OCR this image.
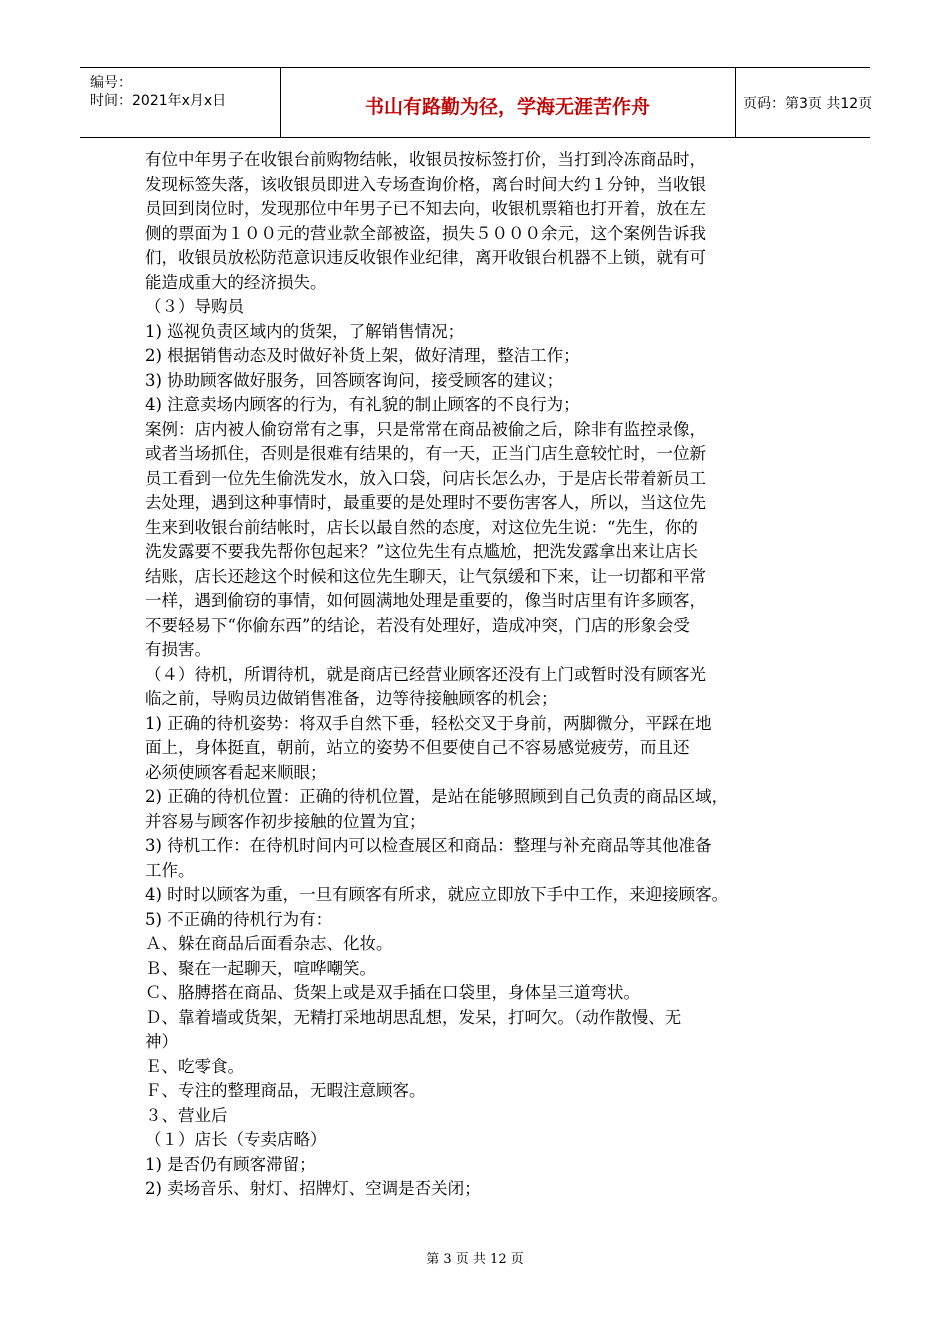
编号：
时间：2021年x月x日	书山有路勤为径，学海无涯苦作舟	页码：第3页 共12页
有位中年男子在收银台前购物结帐，收银员按标签打价，当打到冷冻商品时，
发现标签失落，该收银员即进入专场查询价格，离台时间大约１分钟，当收银
员回到岗位时，发现那位中年男子已不知去向，收银机票箱也打开着，放在左
侧的票面为１００元的营业款全部被盗，损失５０００余元，这个案例告诉我
们，收银员放松防范意识违反收银作业纪律，离开收银台机器不上锁，就有可
能造成重大的经济损失。
（３）导购员
1) 巡视负责区域内的货架，了解销售情况；
2) 根据销售动态及时做好补货上架，做好清理，整洁工作；
3) 协助顾客做好服务，回答顾客询问，接受顾客的建议；
4) 注意卖场内顾客的行为，有礼貌的制止顾客的不良行为；
案例：店内被人偷窃常有之事，只是常常在商品被偷之后，除非有监控录像，
或者当场抓住，否则是很难有结果的，有一天，正当门店生意较忙时，一位新
员工看到一位先生偷洗发水，放入口袋，问店长怎么办，于是店长带着新员工
去处理，遇到这种事情时，最重要的是处理时不要伤害客人，所以，当这位先
生来到收银台前结帐时，店长以最自然的态度，对这位先生说：“先生，你的
洗发露要不要我先帮你包起来？”这位先生有点尴尬，把洗发露拿出来让店长
结账，店长还趁这个时候和这位先生聊天，让气氛缓和下来，让一切都和平常
一样，遇到偷窃的事情，如何圆满地处理是重要的，像当时店里有许多顾客，
不要轻易下“你偷东西”的结论，若没有处理好，造成冲突，门店的形象会受
有损害。
（４）待机，所谓待机，就是商店已经营业顾客还没有上门或暂时没有顾客光
临之前，导购员边做销售准备，边等待接触顾客的机会；
1) 正确的待机姿势：将双手自然下垂，轻松交叉于身前，两脚微分，平踩在地
面上，身体挺直，朝前，站立的姿势不但要使自己不容易感觉疲劳，而且还
必须使顾客看起来顺眼；
2) 正确的待机位置：正确的待机位置，是站在能够照顾到自己负责的商品区域，
并容易与顾客作初步接触的位置为宜；
3) 待机工作：在待机时间内可以检查展区和商品：整理与补充商品等其他准备
工作。
4) 时时以顾客为重，一旦有顾客有所求，就应立即放下手中工作，来迎接顾客。
5) 不正确的待机行为有：
Ａ、躲在商品后面看杂志、化妆。
Ｂ、聚在一起聊天，喧哗嘲笑。
Ｃ、胳膊搭在商品、货架上或是双手插在口袋里，身体呈三道弯状。
Ｄ、靠着墙或货架，无精打采地胡思乱想，发呆，打呵欠。（动作散慢、无
神）
Ｅ、吃零食。
Ｆ、专注的整理商品，无暇注意顾客。
３、营业后
（１）店长（专卖店略）
1) 是否仍有顾客滞留；
2) 卖场音乐、射灯、招牌灯、空调是否关闭；
第 3 页 共 12 页
